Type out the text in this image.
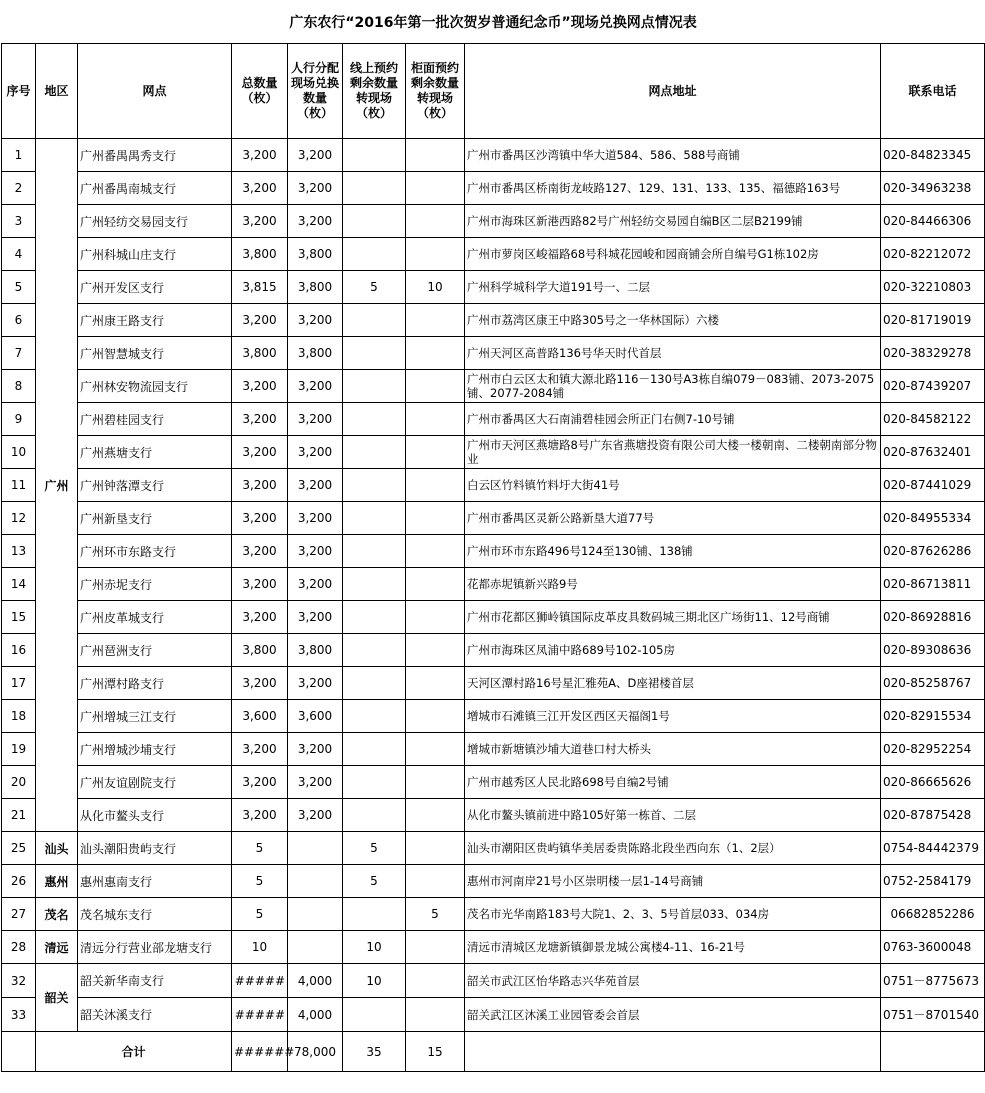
广东农行“2016年第一批次贺岁普通纪念币”现场兑换网点情况表								
序号	地区	网点	总数量（枚）	人行分配现场兑换数量（枚）	线上预约剩余数量转现场（枚）	柜面预约剩余数量转现场（枚）	网点地址	联系电话
1	广州	广州番禺禺秀支行	3,200	3,200			广州市番禺区沙湾镇中华大道584、586、588号商铺	020-84823345
2		广州番禺南城支行	3,200	3,200			广州市番禺区桥南街龙岐路127、129、131、133、135、福德路163号	020-34963238
3		广州轻纺交易园支行	3,200	3,200			广州市海珠区新港西路82号广州轻纺交易园自编B区二层B2199铺	020-84466306
4		广州科城山庄支行	3,800	3,800			广州市萝岗区峻福路68号科城花园峻和园商铺会所自编号G1栋102房	020-82212072
5		广州开发区支行	3,815	3,800	5	10	广州科学城科学大道191号一、二层	020-32210803
6		广州康王路支行	3,200	3,200			广州市荔湾区康王中路305号之一华林国际）六楼	020-81719019
7		广州智慧城支行	3,800	3,800			广州天河区高普路136号华天时代首层	020-38329278
8		广州林安物流园支行	3,200	3,200			广州市白云区太和镇大源北路116－130号A3栋自编079－083铺、2073-2075铺、2077-2084铺	020-87439207
9		广州碧桂园支行	3,200	3,200			广州市番禺区大石南浦碧桂园会所正门右侧7-10号铺	020-84582122
10		广州燕塘支行	3,200	3,200			广州市天河区燕塘路8号广东省燕塘投资有限公司大楼一楼朝南、二楼朝南部分物业	020-87632401
11		广州钟落潭支行	3,200	3,200			白云区竹料镇竹料圩大街41号	020-87441029
12		广州新垦支行	3,200	3,200			广州市番禺区灵新公路新垦大道77号	020-84955334
13		广州环市东路支行	3,200	3,200			广州市环市东路496号124至130铺、138铺	020-87626286
14		广州赤坭支行	3,200	3,200			花都赤坭镇新兴路9号	020-86713811
15		广州皮革城支行	3,200	3,200			广州市花都区狮岭镇国际皮革皮具数码城三期北区广场街11、12号商铺	020-86928816
16		广州琶洲支行	3,800	3,800			广州市海珠区凤浦中路689号102-105房	020-89308636
17		广州潭村路支行	3,200	3,200			天河区潭村路16号星汇雅苑A、D座裙楼首层	020-85258767
18		广州增城三江支行	3,600	3,600			增城市石滩镇三江开发区西区天福阁1号	020-82915534
19		广州增城沙埔支行	3,200	3,200			增城市新塘镇沙埔大道巷口村大桥头	020-82952254
20		广州友谊剧院支行	3,200	3,200			广州市越秀区人民北路698号自编2号铺	020-86665626
21		从化市鳌头支行	3,200	3,200			从化市鳌头镇前进中路105好第一栋首、二层	020-87875428
25	汕头	汕头潮阳贵屿支行	5		5		汕头市潮阳区贵屿镇华美居委贵陈路北段坐西向东（1、2层）	0754-84442379
26	惠州	惠州惠南支行	5		5		惠州市河南岸21号小区崇明楼一层1-14号商铺	0752-2584179
27	茂名	茂名城东支行	5			5	茂名市光华南路183号大院1、2、3、5号首层033、034房	06682852286
28	清远	清远分行营业部龙塘支行	10		10		清远市清城区龙塘新镇御景龙城公寓楼4-11、16-21号	0763-3600048
32	韶关	韶关新华南支行	#####	4,000	10		韶关市武江区怡华路志兴华苑首层	0751－8775673
33		韶关沐溪支行	#####	4,000			韶关武江区沐溪工业园管委会首层	0751－8701540
	合计		######	78,000	35	15		
